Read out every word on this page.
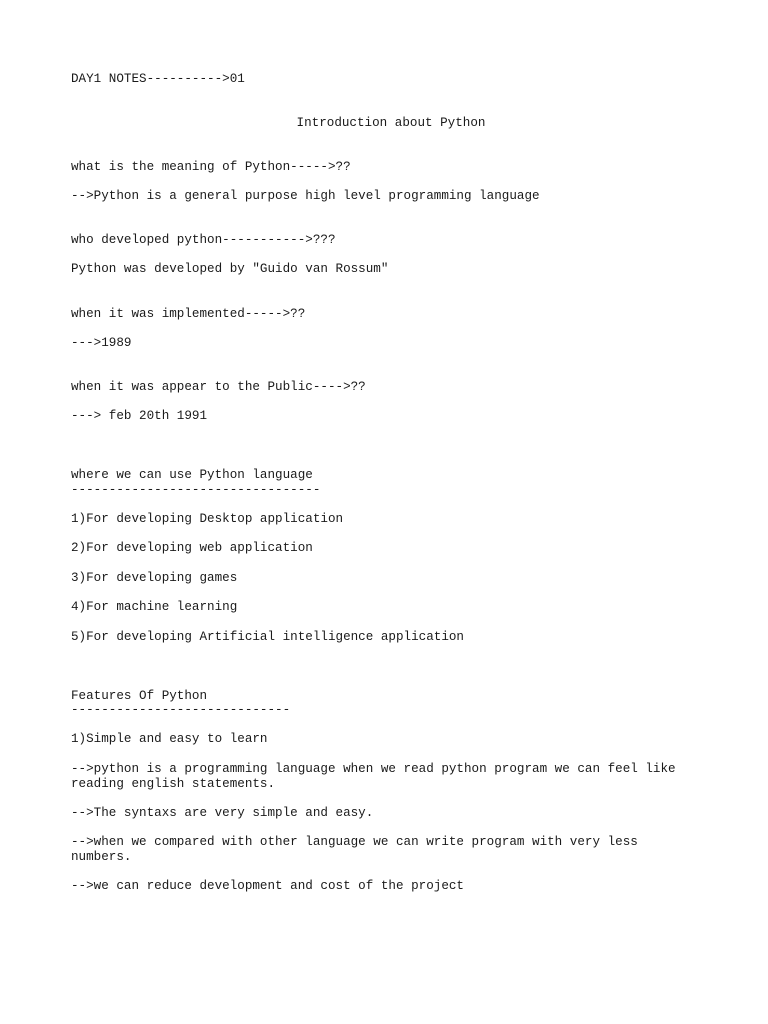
DAY1 NOTES---------->01
Introduction about Python
what is the meaning of Python----->??
-->Python is a general purpose high level programming language
who developed python----------->???
Python was developed by "Guido van Rossum"
when it was implemented----->??
--->1989
when it was appear to the Public---->??
---> feb 20th 1991
where we can use Python language
---------------------------------
1)For developing Desktop application
2)For developing web application
3)For developing games
4)For machine learning
5)For developing Artificial intelligence application
Features Of Python
-----------------------------
1)Simple and easy to learn
-->python is a programming language when we read python program we can feel like reading english statements.
-->The syntaxs are very simple and easy.
-->when we compared with other language we can write program with very less numbers.
-->we can reduce development and cost of the project
